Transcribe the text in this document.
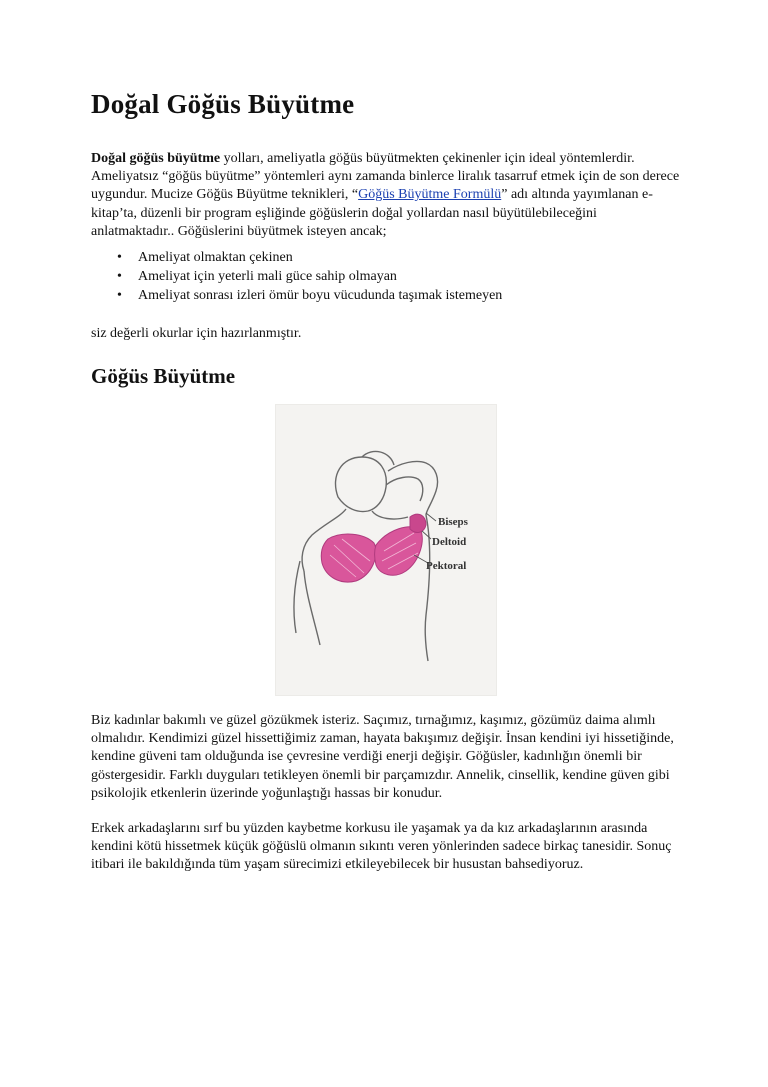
Doğal Göğüs Büyütme

Doğal göğüs büyütme yolları, ameliyatla göğüs büyütmekten çekinenler için ideal yöntemlerdir. Ameliyatsız “göğüs büyütme” yöntemleri aynı zamanda binlerce liralık tasarruf etmek için de son derece uygundur. Mucize Göğüs Büyütme teknikleri, “Göğüs Büyütme Formülü” adı altında yayımlanan e-kitap’ta, düzenli bir program eşliğinde göğüslerin doğal yollardan nasıl büyütülebileceğini anlatmaktadır.. Göğüslerini büyütmek isteyen ancak;

• Ameliyat olmaktan çekinen
• Ameliyat için yeterli mali güce sahip olmayan
• Ameliyat sonrası izleri ömür boyu vücudunda taşımak istemeyen

siz değerli okurlar için hazırlanmıştır.

Göğüs Büyütme
Biseps
Deltoid
Pektoral

Biz kadınlar bakımlı ve güzel gözükmek isteriz. Saçımız, tırnağımız, kaşımız, gözümüz daima alımlı olmalıdır. Kendimizi güzel hissettiğimiz zaman, hayata bakışımız değişir. İnsan kendini iyi hissetiğinde, kendine güveni tam olduğunda ise çevresine verdiği enerji değişir. Göğüsler, kadınlığın önemli bir göstergesidir. Farklı duyguları tetikleyen önemli bir parçamızdır. Annelik, cinsellik, kendine güven gibi psikolojik etkenlerin üzerinde yoğunlaştığı hassas bir konudur.

Erkek arkadaşlarını sırf bu yüzden kaybetme korkusu ile yaşamak ya da kız arkadaşlarının arasında kendini kötü hissetmek küçük göğüslü olmanın sıkıntı veren yönlerinden sadece birkaç tanesidir. Sonuç itibari ile bakıldığında tüm yaşam sürecimizi etkileyebilecek bir husustan bahsediyoruz.
